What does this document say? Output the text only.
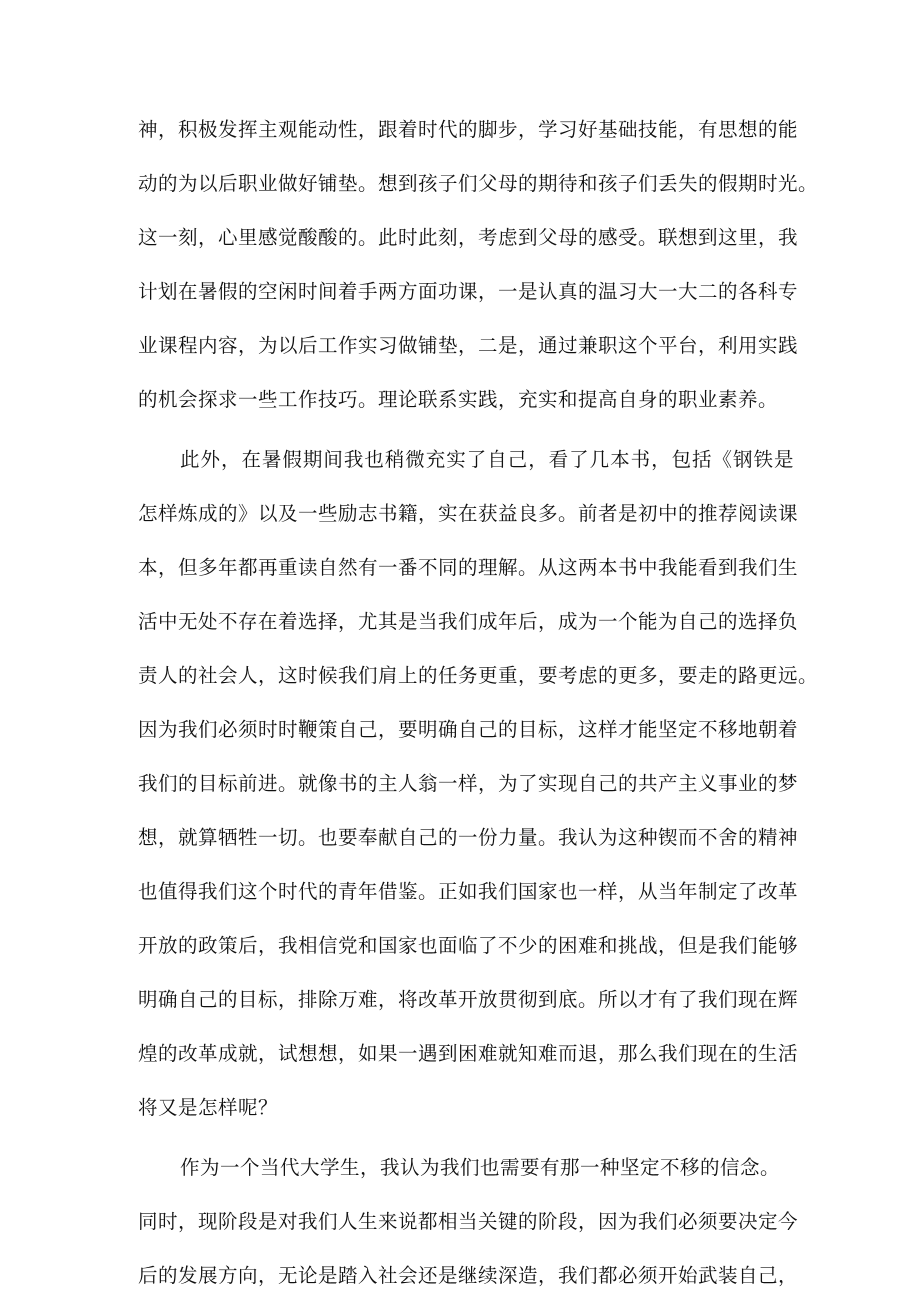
神，积极发挥主观能动性，跟着时代的脚步，学习好基础技能，有思想的能
动的为以后职业做好铺垫。想到孩子们父母的期待和孩子们丢失的假期时光。
这一刻，心里感觉酸酸的。此时此刻，考虑到父母的感受。联想到这里，我
计划在暑假的空闲时间着手两方面功课，一是认真的温习大一大二的各科专
业课程内容，为以后工作实习做铺垫，二是，通过兼职这个平台，利用实践
的机会探求一些工作技巧。理论联系实践，充实和提高自身的职业素养。
此外，在暑假期间我也稍微充实了自己，看了几本书，包括《钢铁是
怎样炼成的》以及一些励志书籍，实在获益良多。前者是初中的推荐阅读课
本，但多年都再重读自然有一番不同的理解。从这两本书中我能看到我们生
活中无处不存在着选择，尤其是当我们成年后，成为一个能为自己的选择负
责人的社会人，这时候我们肩上的任务更重，要考虑的更多，要走的路更远。
因为我们必须时时鞭策自己，要明确自己的目标，这样才能坚定不移地朝着
我们的目标前进。就像书的主人翁一样，为了实现自己的共产主义事业的梦
想，就算牺牲一切。也要奉献自己的一份力量。我认为这种锲而不舍的精神
也值得我们这个时代的青年借鉴。正如我们国家也一样，从当年制定了改革
开放的政策后，我相信党和国家也面临了不少的困难和挑战，但是我们能够
明确自己的目标，排除万难，将改革开放贯彻到底。所以才有了我们现在辉
煌的改革成就，试想想，如果一遇到困难就知难而退，那么我们现在的生活
将又是怎样呢？
作为一个当代大学生，我认为我们也需要有那一种坚定不移的信念。
同时，现阶段是对我们人生来说都相当关键的阶段，因为我们必须要决定今
后的发展方向，无论是踏入社会还是继续深造，我们都必须开始武装自己，
